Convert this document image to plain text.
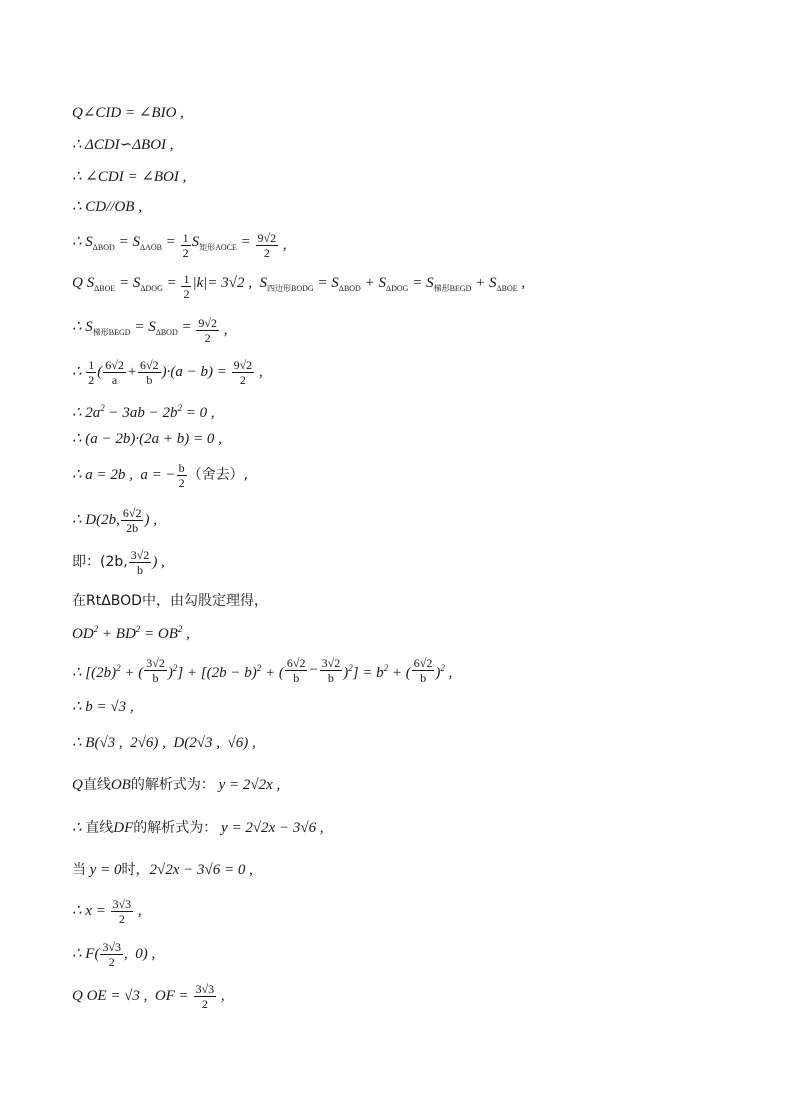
Q∠CID = ∠BIO ,
∴ ΔCDI∽ΔBOI ,
∴ ∠CDI = ∠BOI ,
∴ CD//OB ,
∴ $S_{\Delta BOD} = S_{\Delta AOB} = \frac{1}{2} S_{矩形AOCE} = \frac{9√2}{2}$ ,
Q $S_{\Delta BOE} = S_{\Delta DOG} = \frac{1}{2} |k|= 3√2$ ,  $S_{四边形BODG} = S_{\Delta BOD} + S_{\Delta DOG} = S_{梯形BEGD} + S_{\Delta BOE}$ ,
∴ $S_{梯形BEGD} = S_{\Delta BOD} = \frac{9√2}{2}$ ,
∴ $\frac{1}{2}$ ( $\frac{6√2}{a} + \frac{6√2}{b} )\cdot(a - b) = \frac{9√2}{2}$ ,
∴ $2a^2 - 3ab - 2b^2 = 0$ ,
∴ (a − 2b)·(2a + b) = 0 ,
∴ a = 2b ,  a = − $\frac{b}{2}$ （舍去）,
∴ D(2b, $\frac{6√2}{2b}$ ) ,
即：(2b, $\frac{3√2}{b}$ ) ,
在RtΔBOD中，由勾股定理得，
$OD^2 + BD^2 = OB^2$ ,
∴ [$(2b)^2$ + ( $\frac{3√2}{b} )^2] + [(2b - b)^2$ + ( $\frac{6√2}{b} - \frac{3√2}{b} )^2] = b^2$ + ( $\frac{6√2}{b} )^2$ ,
∴ b = √3 ,
∴ B(√3 ,  2√6) ,  D(2√3 ,  √6) ,
Q 直线 OB 的解析式为： y = 2√2x ,
∴ 直线 DF 的解析式为： y = 2√2x − 3√6 ,
当 y = 0 时， 2√2x − 3√6 = 0 ,
∴ $x = \frac{3√3}{2}$ ,
∴ $F( \frac{3√3}{2}$ ,  0) ,
Q OE = √3 ,  OF = $\frac{3√3}{2}$ ,
